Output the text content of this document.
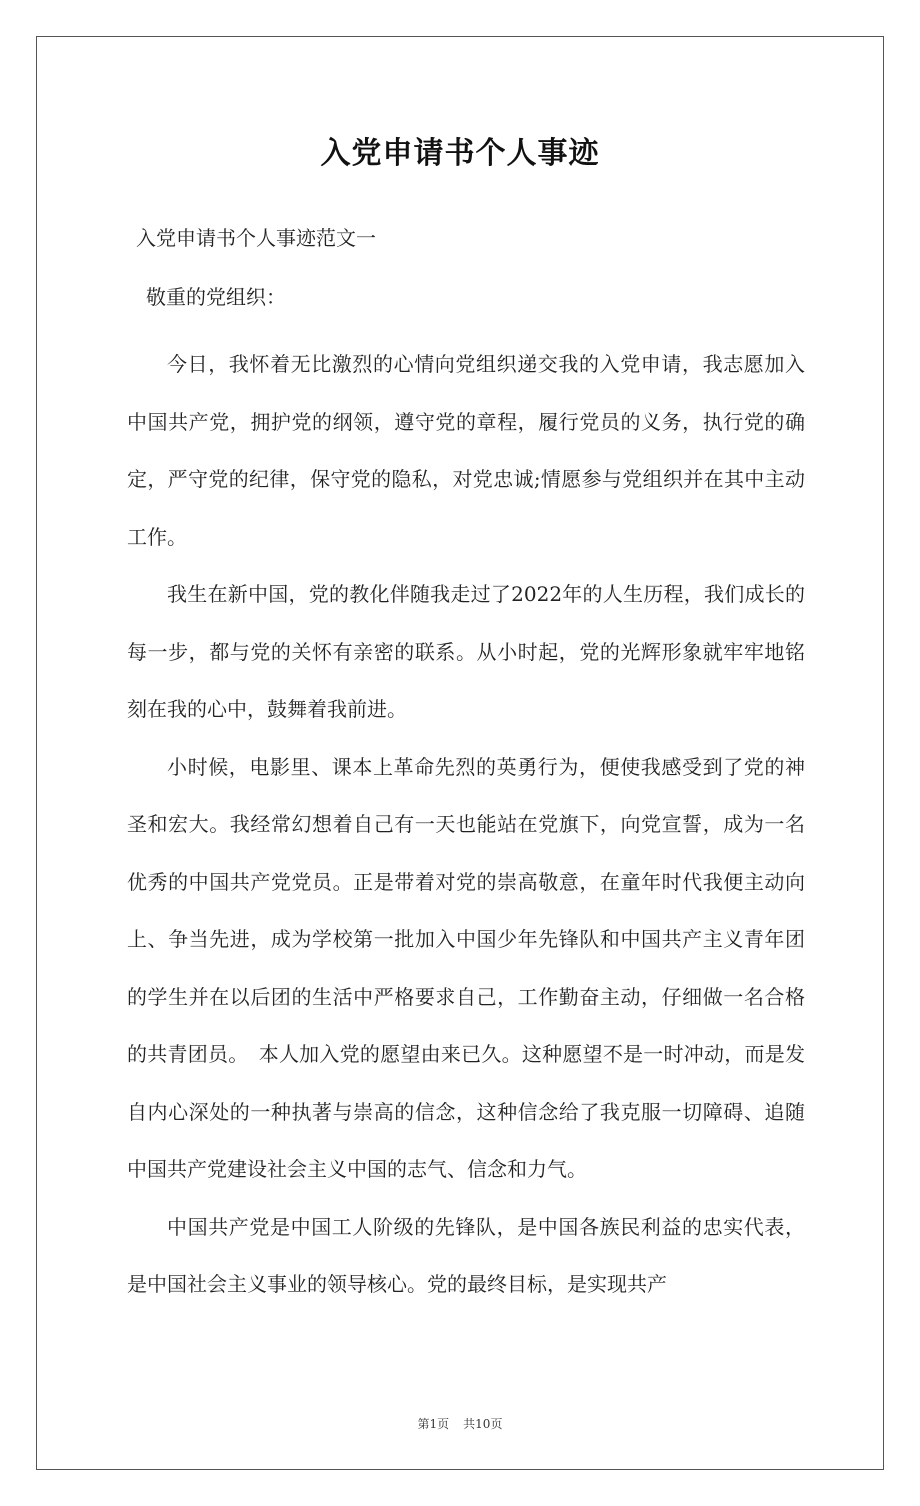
入党申请书个人事迹

入党申请书个人事迹范文一

敬重的党组织：

今日，我怀着无比激烈的心情向党组织递交我的入党申请，我志愿加入中国共产党，拥护党的纲领，遵守党的章程，履行党员的义务，执行党的确定，严守党的纪律，保守党的隐私，对党忠诚;情愿参与党组织并在其中主动工作。

我生在新中国，党的教化伴随我走过了2022年的人生历程，我们成长的每一步，都与党的关怀有亲密的联系。从小时起，党的光辉形象就牢牢地铭刻在我的心中，鼓舞着我前进。

小时候，电影里、课本上革命先烈的英勇行为，便使我感受到了党的神圣和宏大。我经常幻想着自己有一天也能站在党旗下，向党宣誓，成为一名优秀的中国共产党党员。正是带着对党的崇高敬意，在童年时代我便主动向上、争当先进，成为学校第一批加入中国少年先锋队和中国共产主义青年团的学生并在以后团的生活中严格要求自己，工作勤奋主动，仔细做一名合格的共青团员。　本人加入党的愿望由来已久。这种愿望不是一时冲动，而是发自内心深处的一种执著与崇高的信念，这种信念给了我克服一切障碍、追随中国共产党建设社会主义中国的志气、信念和力气。

中国共产党是中国工人阶级的先锋队，是中国各族民利益的忠实代表，是中国社会主义事业的领导核心。党的最终目标，是实现共产

第1页 共10页
